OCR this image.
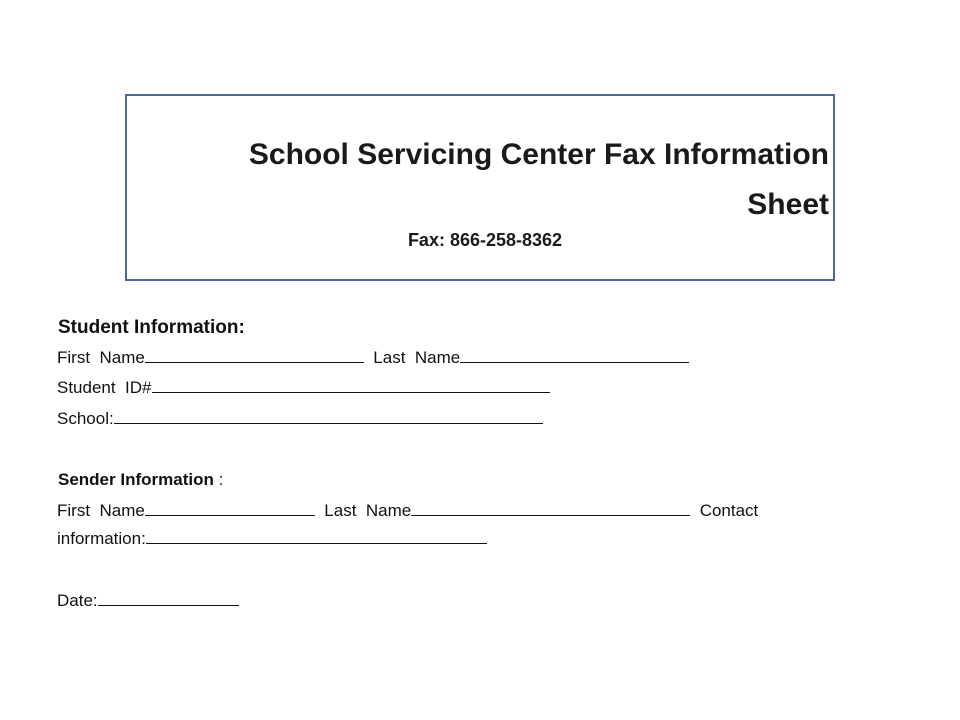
School Servicing Center Fax Information
Sheet
Fax: 866-258-8362
Student Information:
First  Name	Last  Name
Student  ID#
School:
Sender Information :
First  Name	Last  Name	Contact
information:
Date:
